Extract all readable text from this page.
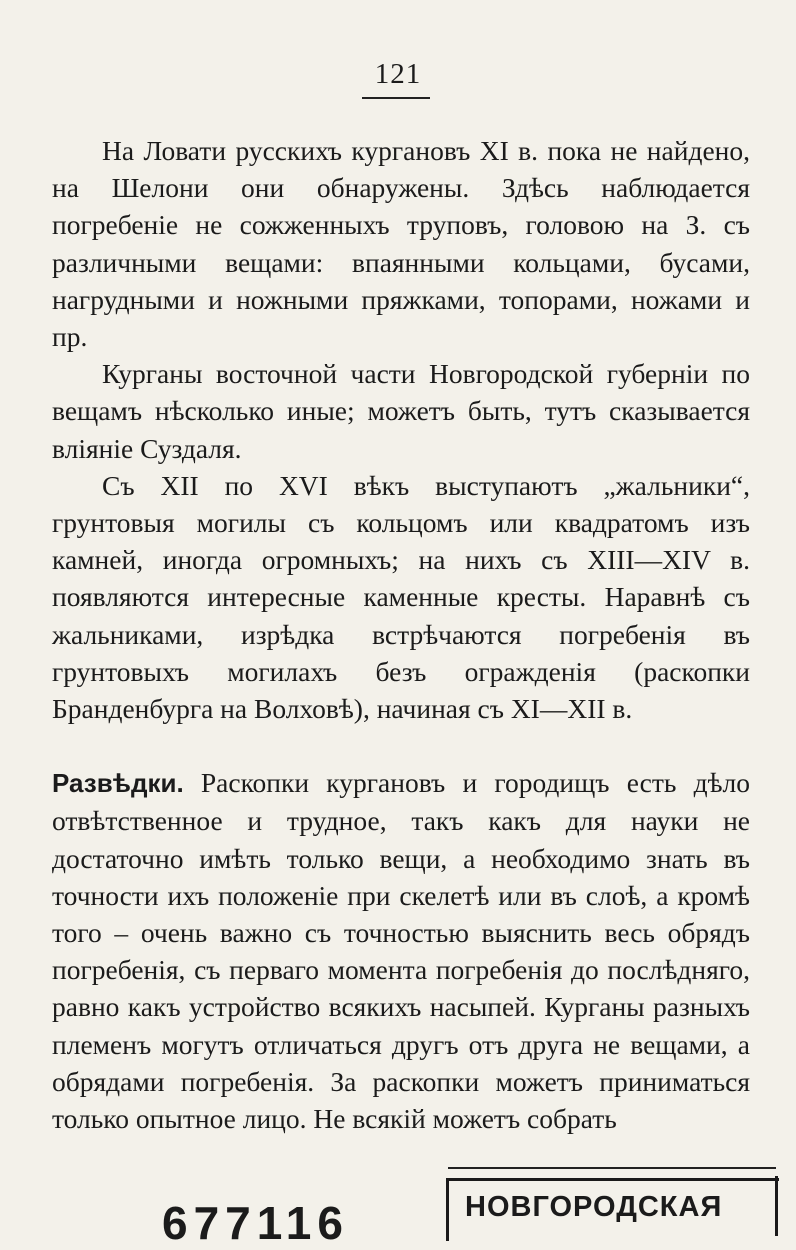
121

На Ловати русскихъ кургановъ XI в. пока не найдено, на Шелони они обнаружены. Здѣсь наблюдается погребеніе не сожженныхъ труповъ, головою на З. съ различными вещами: впаянными кольцами, бусами, нагрудными и ножными пряжками, топорами, ножами и пр.

Курганы восточной части Новгородской губерніи по вещамъ нѣсколько иные; можетъ быть, тутъ сказывается вліяніе Суздаля.

Съ XII по XVI вѣкъ выступаютъ „жальники“, грунтовыя могилы съ кольцомъ или квадратомъ изъ камней, иногда огромныхъ; на нихъ съ XIII—XIV в. появляются интересные каменные кресты. Наравнѣ съ жальниками, изрѣдка встрѣчаются погребенія въ грунтовыхъ могилахъ безъ огражденія (раскопки Бранденбурга на Волховѣ), начиная съ XI—XII в.

Развѣдки. Раскопки кургановъ и городищъ есть дѣло отвѣтственное и трудное, такъ какъ для науки не достаточно имѣть только вещи, а необходимо знать въ точности ихъ положеніе при скелетѣ или въ слоѣ, а кромѣ того – очень важно съ точностью выяснить весь обрядъ погребенія, съ перваго момента погребенія до послѣдняго, равно какъ устройство всякихъ насыпей. Курганы разныхъ племенъ могутъ отличаться другъ отъ друга не вещами, а обрядами погребенія. За раскопки можетъ приниматься только опытное лицо. Не всякій можетъ собрать

НОВГОРОДСКАЯ
677116
